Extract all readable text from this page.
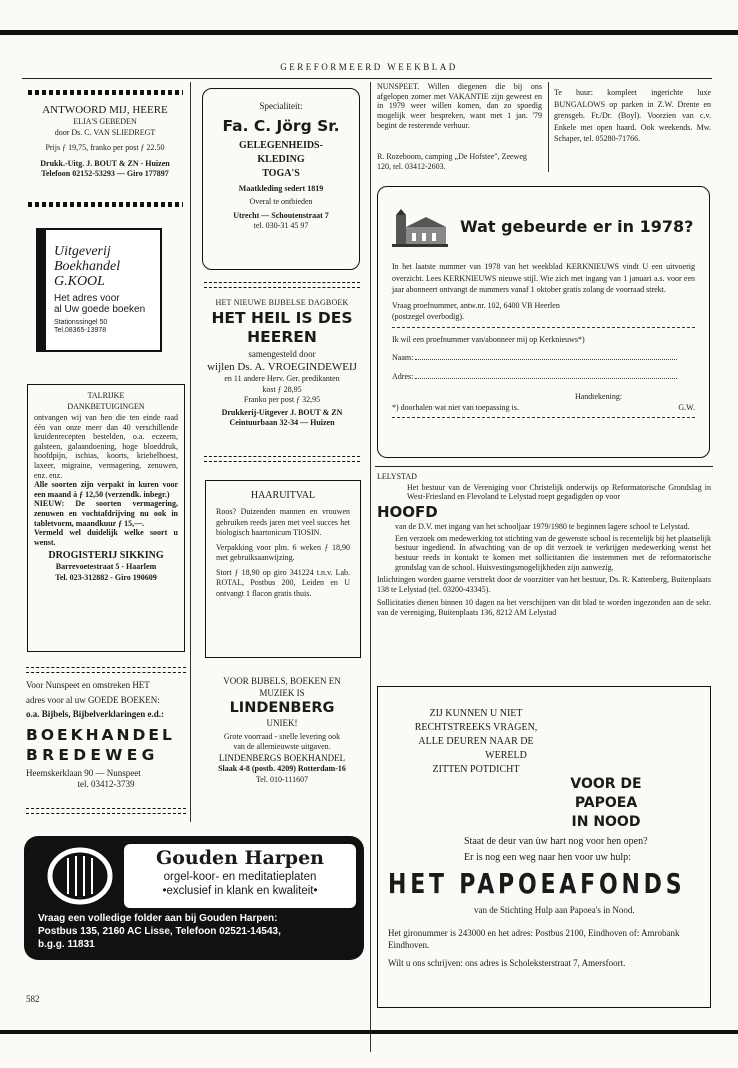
GEREFORMEERD WEEKBLAD

ANTWOORD MIJ, HEERE

ELIA'S GEBEDEN

door Ds. C. VAN SLIEDREGT

Prijs ƒ 19,75, franko per post ƒ 22.50

Drukk.-Uitg. J. BOUT & ZN - Huizen

Telefoon 02152-53293 — Giro 177897

Uitgeverij

Boekhandel

G.KOOL

Het adres voor

al Uw goede boeken

Stationssingel 50

Tel.08365-13978

TALRIJKE

DANKBETUIGINGEN

ontvangen wij van hen die ten einde raad één van onze meer dan 40 verschillende kruidenrecepten bestelden, o.a. eczeem, galsteen, galaandoening, hoge bloeddruk, hoofdpijn, ischias, koorts, kriebelhoest, laxeer, migraine, vermagering, zenuwen, enz. enz.

Alle soorten zijn verpakt in kuren voor een maand à ƒ 12,50 (verzendk. inbegr.)

NIEUW: De soorten vermagering, zenuwen en vochtafdrijving nu ook in tabletvorm, maandkuur ƒ 15,—.

Vermeld wel duidelijk welke soort u wenst.

DROGISTERIJ SIKKING

Barrevoetestraat 5 - Haarlem

Tel. 023-312882 - Giro 190609

Voor Nunspeet en omstreken HET

adres voor al uw GOEDE BOEKEN:

o.a. Bijbels, Bijbelverklaringen e.d.:

BOEKHANDEL

BREDEWEG

Heemskerklaan 90 — Nunspeet

tel. 03412-3739

Specialiteit:

Fa. C. Jörg Sr.

GELEGENHEIDS-

KLEDING

TOGA'S

Maatkleding sedert 1819

Overal te ontbieden

Utrecht — Schoutenstraat 7

tel. 030-31 45 97

HET NIEUWE BIJBELSE DAGBOEK

HET HEIL IS DES

HEEREN

samengesteld door

wijlen Ds. A. VROEGINDEWEIJ

en 11 andere Herv. Ger. predikanten

kost ƒ 28,95

Franko per post ƒ 32,95

Drukkerij-Uitgever J. BOUT & ZN

Ceintuurbaan 32-34 — Huizen

HAARUITVAL

Roos? Duizenden mannen en vrouwen gebruiken reeds jaren met veel succes het biologisch haartonicum TIOSIN.

Verpakking voor plm. 6 weken ƒ 18,90 met gebruiksaanwijzing.

Stort ƒ 18,90 op giro 341224 t.n.v. Lab. ROTAL, Postbus 200, Leiden en U ontvangt 1 flacon gratis thuis.

VOOR BIJBELS, BOEKEN EN

MUZIEK IS

LINDENBERG

UNIEK!

Grote voorraad - snelle levering ook

van de allernieuwste uitgaven.

LINDENBERGS BOEKHANDEL

Slaak 4-8 (postb. 4209) Rotterdam-16

Tel. 010-111607

NUNSPEET. Willen diegenen die bij ons afgelopen zomer met VAKANTIE zijn geweest en in 1979 weer willen komen, dan zo spoedig mogelijk weer bespreken, want met 1 jan. '79 begint de resterende verhuur.

R. Rozeboom, camping „De Hofstee", Zeeweg 120, tel. 03412-2603.

Te huur: kompleet ingerichte luxe BUNGALOWS op parken in Z.W. Drente en grensgeb. Fr./Dr. (Boyl). Voorzien van c.v. Enkele met open haard. Ook weekends. Mw. Schaper, tel. 05280-71766.

Wat gebeurde er in 1978?

In het laatste nummer van 1978 van het weekblad KERKNIEUWS vindt U een uitvoerig overzicht. Lees KERKNIEUWS nieuwe stijl. Wie zich met ingang van 1 januari a.s. voor een jaar abonneert ontvangt de nummers vanaf 1 oktober gratis zolang de voorraad strekt.

Vraag proefnummer, antw.nr. 102, 6400 VB Heerlen

(postzegel overbodig).

Ik wil een proefnummer van/abonneer mij op Kerknieuws*)

Naam:

Adres:

Handtekening:

*) doorhalen wat niet van toepassing is.	G.W.

LELYSTAD

Het bestuur van de Vereniging voor Christelijk onderwijs op Reformatorische Grondslag in West-Friesland en Flevoland te Lelystad roept gegadigden op voor

HOOFD

van de D.V. met ingang van het schooljaar 1979/1980 te beginnen lagere school te Lelystad.

Een verzoek om medewerking tot stichting van de gewenste school is recentelijk bij het plaatselijk bestuur ingediend. In afwachting van de op dit verzoek te verkrijgen medewerking wenst het bestuur reeds in kontakt te komen met sollicitanten die instemmen met de reformatorische grondslag van de school. Huisvestingsmogelijkheden zijn aanwezig.

Inlichtingen worden gaarne verstrekt door de voorzitter van het bestuur, Ds. R. Kattenberg, Buitenplaats 138 te Lelystad (tel. 03200-43345).

Sollicitaties dienen binnen 10 dagen na het verschijnen van dit blad te worden ingezonden aan de sekr. van de vereniging, Buitenplaats 136, 8212 AM Lelystad

ZIJ KUNNEN U NIET

RECHTSTREEKS VRAGEN,

ALLE DEUREN NAAR DE

WERELD

ZITTEN POTDICHT

VOOR DE

PAPOEA

IN NOOD

Staat de deur van ùw hart nog voor hen open?

Er is nog een weg naar hen voor uw hulp:

HET PAPOEAFONDS

van de Stichting Hulp aan Papoea's in Nood.

Het gironummer is 243000 en het adres: Postbus 2100, Eindhoven of: Amrobank Eindhoven.

Wilt u ons schrijven: ons adres is Scholeksterstraat 7, Amersfoort.

Gouden Harpen

orgel-koor- en meditatieplaten

•exclusief in klank en kwaliteit•

Vraag een volledige folder aan bij Gouden Harpen:

Postbus 135, 2160 AC Lisse, Telefoon 02521-14543,

b.g.g. 11831

582
